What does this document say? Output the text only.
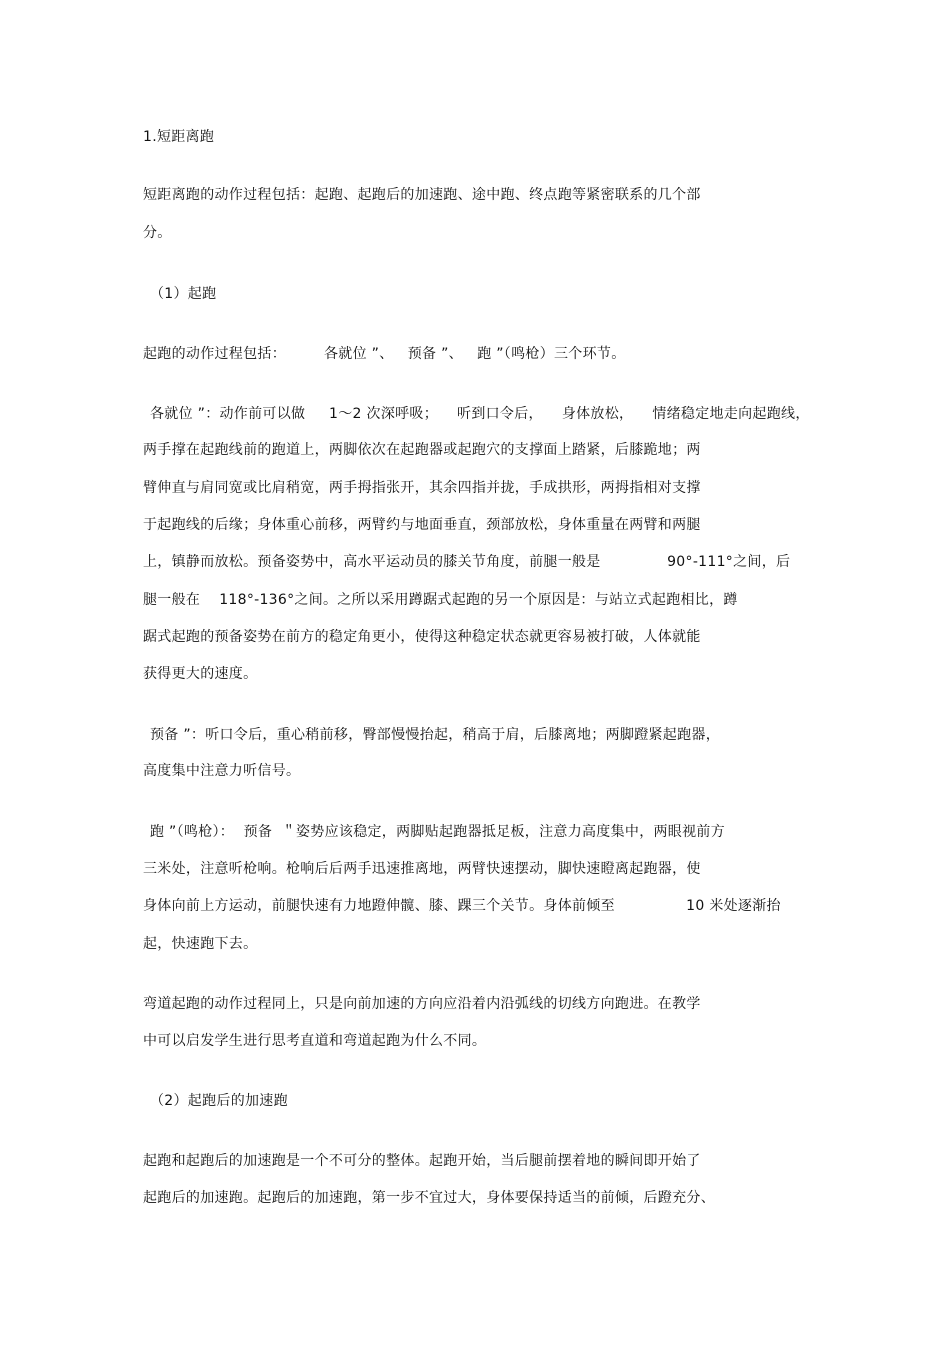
1.短距离跑
短距离跑的动作过程包括：起跑、起跑后的加速跑、途中跑、终点跑等紧密联系的几个部
分。
（1）起跑
起跑的动作过程包括：        各就位 ”、   预备 ”、   跑 ”（鸣枪）三个环节。
各就位 ”：动作前可以做     1～2 次深呼吸；    听到口令后，    身体放松，    情绪稳定地走向起跑线，
两手撑在起跑线前的跑道上，两脚依次在起跑器或起跑穴的支撑面上踏紧，后膝跪地；两
臂伸直与肩同宽或比肩稍宽，两手拇指张开，其余四指并拢，手成拱形，两拇指相对支撑
于起跑线的后缘；身体重心前移，两臂约与地面垂直，颈部放松，身体重量在两臂和两腿
上，镇静而放松。预备姿势中，高水平运动员的膝关节角度，前腿一般是              90°-111°之间，后
腿一般在    118°-136°之间。之所以采用蹲踞式起跑的另一个原因是：与站立式起跑相比，蹲
踞式起跑的预备姿势在前方的稳定角更小，使得这种稳定状态就更容易被打破，人体就能
获得更大的速度。
预备 ”：听口令后，重心稍前移，臀部慢慢抬起，稍高于肩，后膝离地；两脚蹬紧起跑器，
高度集中注意力听信号。
跑 ”（鸣枪）：  预备  ＂姿势应该稳定，两脚贴起跑器抵足板，注意力高度集中，两眼视前方
三米处，注意听枪响。枪响后后两手迅速推离地，两臂快速摆动，脚快速瞪离起跑器，使
身体向前上方运动，前腿快速有力地蹬伸髋、膝、踝三个关节。身体前倾至               10 米处逐渐抬
起，快速跑下去。
弯道起跑的动作过程同上，只是向前加速的方向应沿着内沿弧线的切线方向跑进。在教学
中可以启发学生进行思考直道和弯道起跑为什么不同。
（2）起跑后的加速跑
起跑和起跑后的加速跑是一个不可分的整体。起跑开始，当后腿前摆着地的瞬间即开始了
起跑后的加速跑。起跑后的加速跑，第一步不宜过大，身体要保持适当的前倾，后蹬充分、
